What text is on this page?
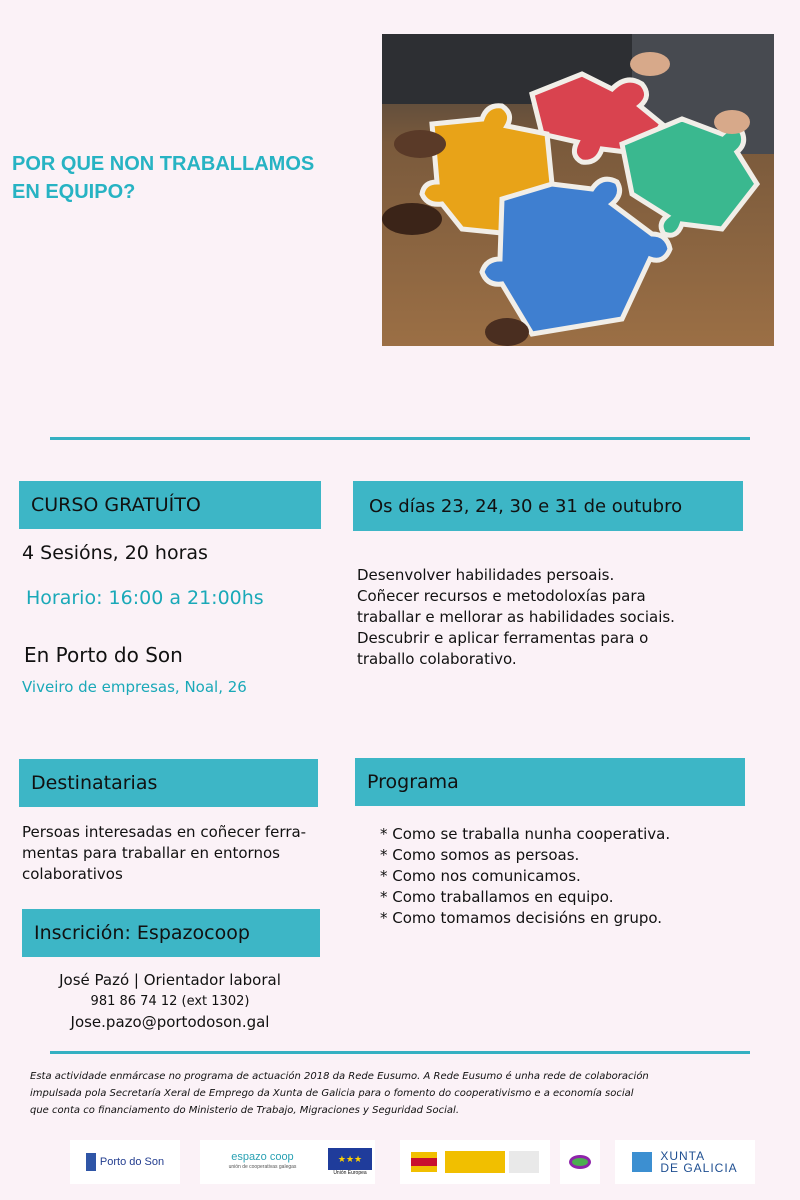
POR QUE NON TRABALLAMOS
EN EQUIPO?
CURSO GRATUÍTO
4 Sesións, 20 horas
Horario: 16:00 a 21:00hs
En Porto do Son
Viveiro de empresas, Noal, 26
Os días 23, 24, 30 e 31 de outubro
Desenvolver habilidades persoais.
Coñecer recursos e metodoloxías para
traballar e mellorar as habilidades sociais.
Descubrir e aplicar ferramentas para o
traballo colaborativo.
Destinatarias
Persoas interesadas en coñecer ferra-
mentas para traballar en entornos
colaborativos
Programa
* Como se traballa nunha cooperativa.
* Como somos as persoas.
* Como nos comunicamos.
* Como traballamos en equipo.
* Como tomamos decisións en grupo.
Inscrición: Espazocoop
José Pazó | Orientador laboral
981 86 74 12 (ext 1302)
Jose.pazo@portodoson.gal
Esta actividade enmárcase no programa de actuación 2018 da Rede Eusumo. A Rede Eusumo é unha rede de colaboración
impulsada pola Secretaría Xeral de Emprego da Xunta de Galicia para o fomento do cooperativismo e a economía social
que conta co financiamento do Ministerio de Trabajo, Migraciones y Seguridad Social.
Porto do Son	espazo coop
unión de cooperativas galegas
★★★
Unión Europea
XUNTA
DE GALICIA
